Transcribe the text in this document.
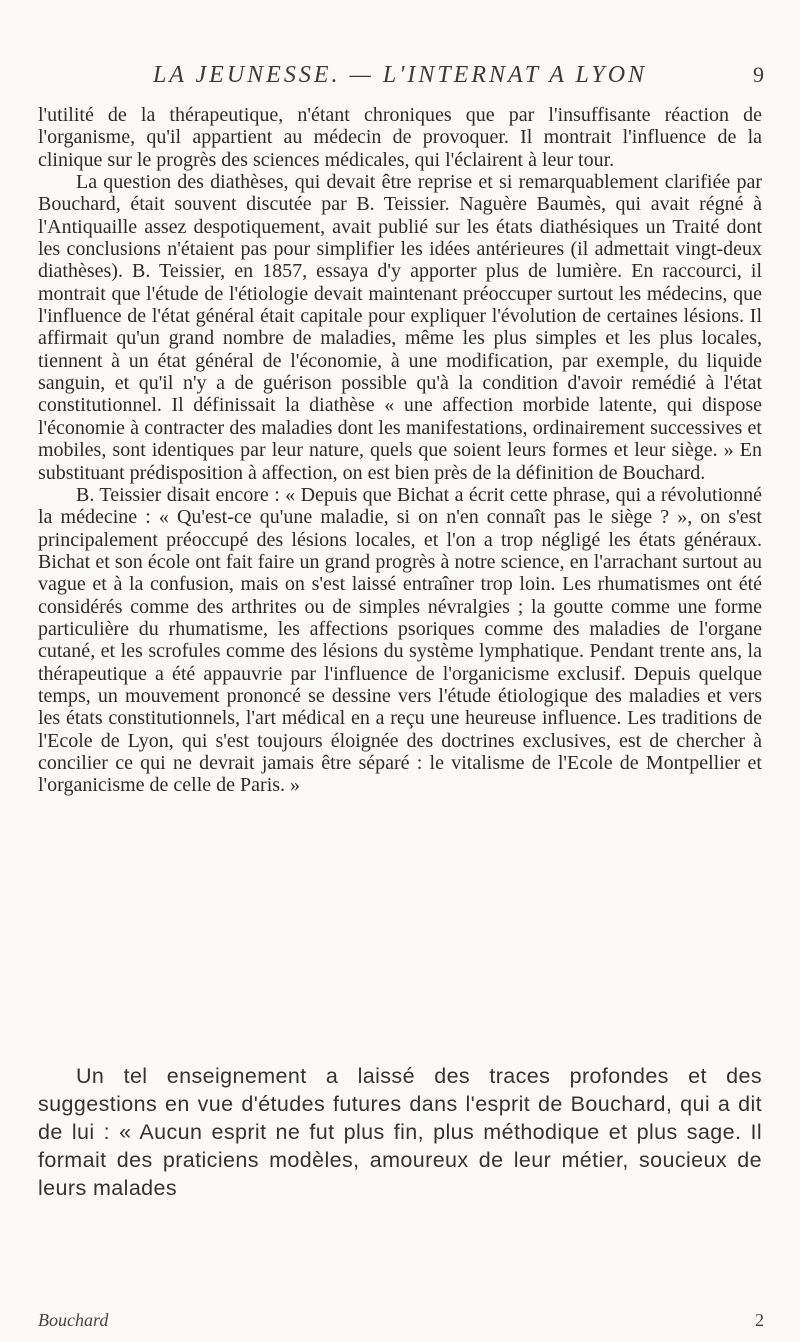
LA JEUNESSE. — L'INTERNAT A LYON	9

l'utilité de la thérapeutique, n'étant chroniques que par l'insuffisante réaction de l'organisme, qu'il appartient au médecin de provoquer. Il montrait l'influence de la clinique sur le progrès des sciences médicales, qui l'éclairent à leur tour.

La question des diathèses, qui devait être reprise et si remarquablement clarifiée par Bouchard, était souvent discutée par B. Teissier. Naguère Baumès, qui avait régné à l'Antiquaille assez despotiquement, avait publié sur les états diathésiques un Traité dont les conclusions n'étaient pas pour simplifier les idées antérieures (il admettait vingt-deux diathèses). B. Teissier, en 1857, essaya d'y apporter plus de lumière. En raccourci, il montrait que l'étude de l'étiologie devait maintenant préoccuper surtout les médecins, que l'influence de l'état général était capitale pour expliquer l'évolution de certaines lésions. Il affirmait qu'un grand nombre de maladies, même les plus simples et les plus locales, tiennent à un état général de l'économie, à une modification, par exemple, du liquide sanguin, et qu'il n'y a de guérison possible qu'à la condition d'avoir remédié à l'état constitutionnel. Il définissait la diathèse « une affection morbide latente, qui dispose l'économie à contracter des maladies dont les manifestations, ordinairement successives et mobiles, sont identiques par leur nature, quels que soient leurs formes et leur siège. » En substituant prédisposition à affection, on est bien près de la définition de Bouchard.

B. Teissier disait encore : « Depuis que Bichat a écrit cette phrase, qui a révolutionné la médecine : « Qu'est-ce qu'une maladie, si on n'en connaît pas le siège ? », on s'est principalement préoccupé des lésions locales, et l'on a trop négligé les états généraux. Bichat et son école ont fait faire un grand progrès à notre science, en l'arrachant surtout au vague et à la confusion, mais on s'est laissé entraîner trop loin. Les rhumatismes ont été considérés comme des arthrites ou de simples névralgies ; la goutte comme une forme particulière du rhumatisme, les affections psoriques comme des maladies de l'organe cutané, et les scrofules comme des lésions du système lymphatique. Pendant trente ans, la thérapeutique a été appauvrie par l'influence de l'organicisme exclusif. Depuis quelque temps, un mouvement prononcé se dessine vers l'étude étiologique des maladies et vers les états constitutionnels, l'art médical en a reçu une heureuse influence. Les traditions de l'Ecole de Lyon, qui s'est toujours éloignée des doctrines exclusives, est de chercher à concilier ce qui ne devrait jamais être séparé : le vitalisme de l'Ecole de Montpellier et l'organicisme de celle de Paris. »

Un tel enseignement a laissé des traces profondes et des suggestions en vue d'études futures dans l'esprit de Bouchard, qui a dit de lui : « Aucun esprit ne fut plus fin, plus méthodique et plus sage. Il formait des praticiens modèles, amoureux de leur métier, soucieux de leurs malades

Bouchard	2
